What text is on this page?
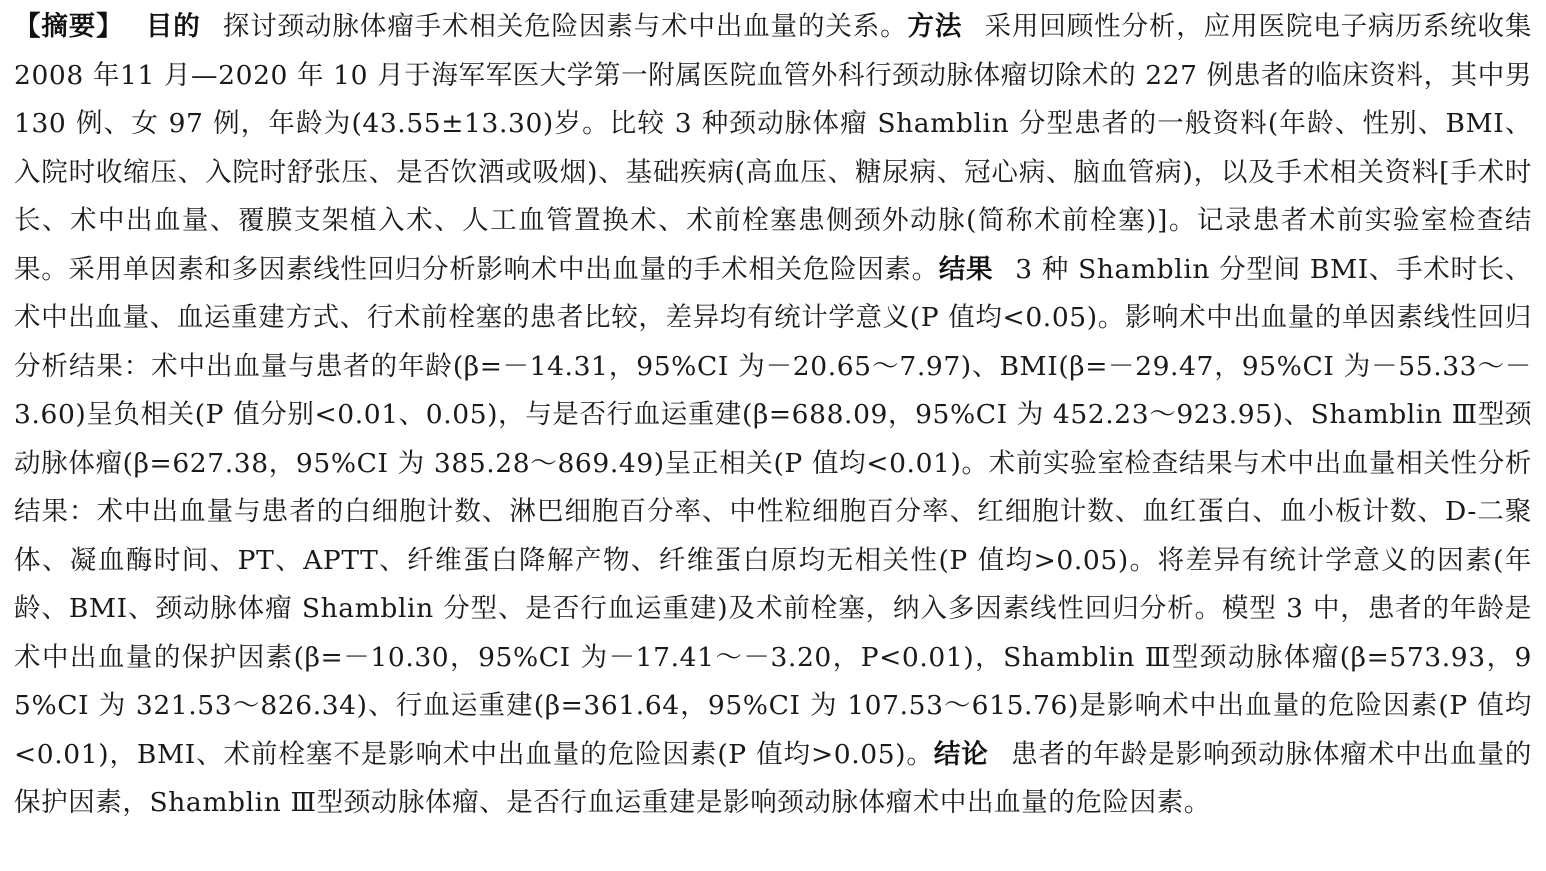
【摘要】 目的 探讨颈动脉体瘤手术相关危险因素与术中出血量的关系。方法 采用回顾性分析，应用医院电子病历系统收集 2008 年11 月—2020 年 10 月于海军军医大学第一附属医院血管外科行颈动脉体瘤切除术的 227 例患者的临床资料，其中男130 例、女 97 例，年龄为(43.55±13.30)岁。比较 3 种颈动脉体瘤 Shamblin 分型患者的一般资料(年龄、性别、BMI、入院时收缩压、入院时舒张压、是否饮酒或吸烟)、基础疾病(高血压、糖尿病、冠心病、脑血管病)，以及手术相关资料[手术时长、术中出血量、覆膜支架植入术、人工血管置换术、术前栓塞患侧颈外动脉(简称术前栓塞)]。记录患者术前实验室检查结果。采用单因素和多因素线性回归分析影响术中出血量的手术相关危险因素。结果 3 种 Shamblin 分型间 BMI、手术时长、术中出血量、血运重建方式、行术前栓塞的患者比较，差异均有统计学意义(P 值均<0.05)。影响术中出血量的单因素线性回归分析结果：术中出血量与患者的年龄(β=－14.31，95%CI 为－20.65～7.97)、BMI(β=－29.47，95%CI 为－55.33～－3.60)呈负相关(P 值分别<0.01、0.05)，与是否行血运重建(β=688.09，95%CI 为 452.23～923.95)、Shamblin Ⅲ型颈动脉体瘤(β=627.38，95%CI 为 385.28～869.49)呈正相关(P 值均<0.01)。术前实验室检查结果与术中出血量相关性分析结果：术中出血量与患者的白细胞计数、淋巴细胞百分率、中性粒细胞百分率、红细胞计数、血红蛋白、血小板计数、D-二聚体、凝血酶时间、PT、APTT、纤维蛋白降解产物、纤维蛋白原均无相关性(P 值均>0.05)。将差异有统计学意义的因素(年龄、BMI、颈动脉体瘤 Shamblin 分型、是否行血运重建)及术前栓塞，纳入多因素线性回归分析。模型 3 中，患者的年龄是术中出血量的保护因素(β=－10.30，95%CI 为－17.41～－3.20，P<0.01)，Shamblin Ⅲ型颈动脉体瘤(β=573.93，95%CI 为 321.53～826.34)、行血运重建(β=361.64，95%CI 为 107.53～615.76)是影响术中出血量的危险因素(P 值均<0.01)，BMI、术前栓塞不是影响术中出血量的危险因素(P 值均>0.05)。结论 患者的年龄是影响颈动脉体瘤术中出血量的保护因素，Shamblin Ⅲ型颈动脉体瘤、是否行血运重建是影响颈动脉体瘤术中出血量的危险因素。
